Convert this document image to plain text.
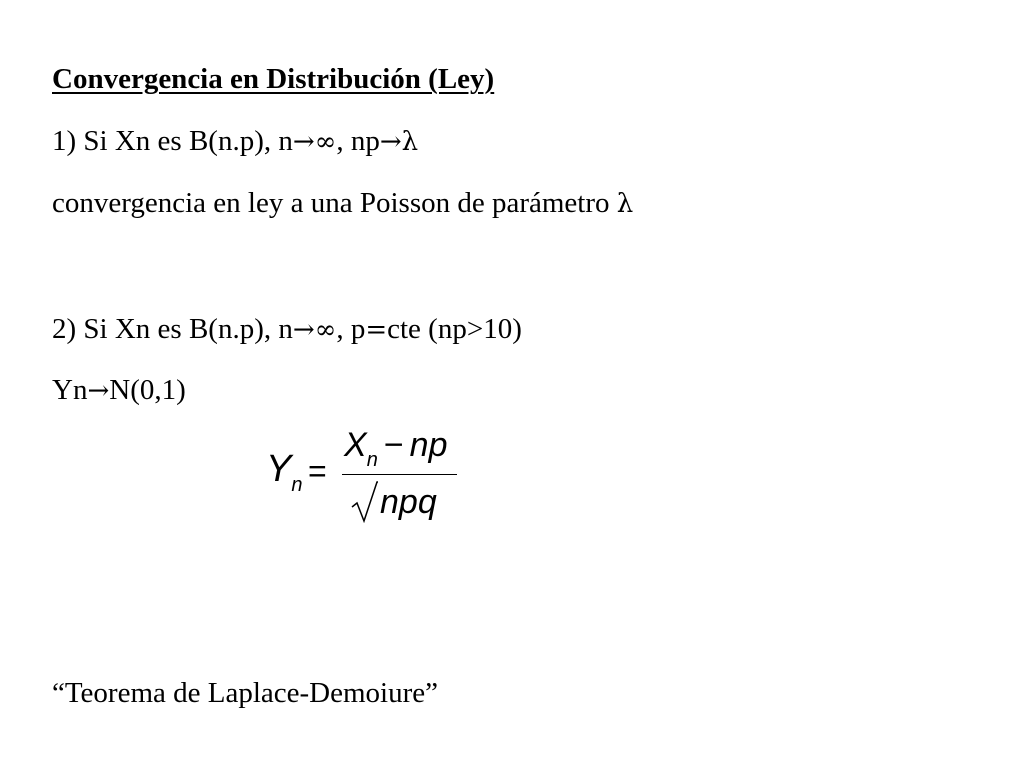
Convergencia en Distribución (Ley)
1) Si Xn es B(n.p), n→∞, np→λ
convergencia en ley a una Poisson de parámetro λ
2) Si Xn es B(n.p), n→∞, p=cte (np>10)
Yn→N(0,1)
$Y_n$ =
$X_n$ − np
npq
“Teorema de Laplace-Demoiure”
